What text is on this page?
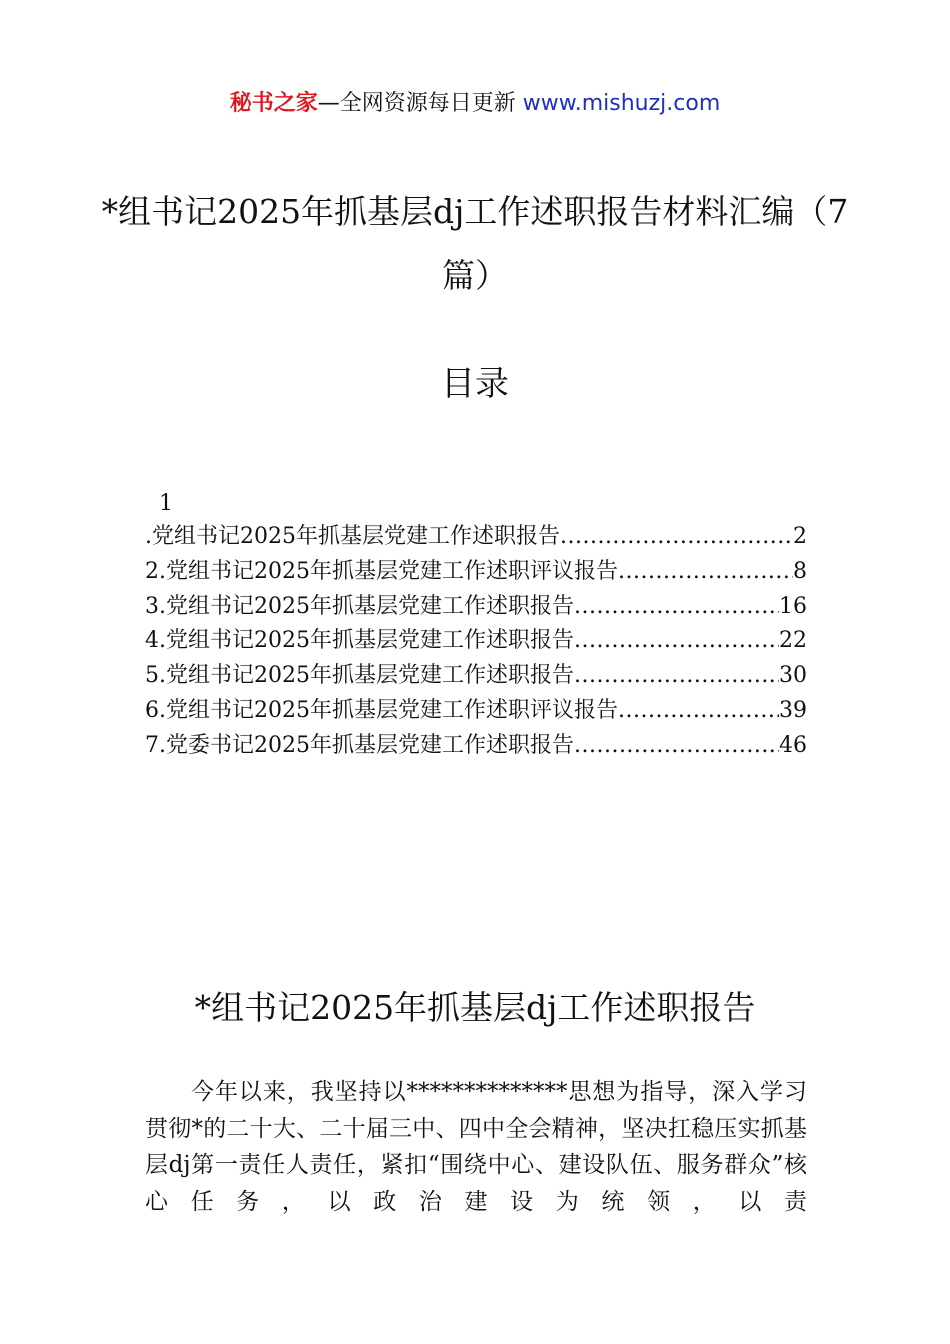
秘书之家—全网资源每日更新 www.mishuzj.com
*组书记2025年抓基层dj工作述职报告材料汇编（7篇）
目录
1
.党组书记2025年抓基层党建工作述职报告 .....	2
2.党组书记2025年抓基层党建工作述职评议报告 .....	8
3.党组书记2025年抓基层党建工作述职报告 .....	16
4.党组书记2025年抓基层党建工作述职报告 .....	22
5.党组书记2025年抓基层党建工作述职报告 .....	30
6.党组书记2025年抓基层党建工作述职评议报告 .....	39
7.党委书记2025年抓基层党建工作述职报告 .....	46
*组书记2025年抓基层dj工作述职报告
今年以来，我坚持以**************思想为指导，深入学习贯彻*的二十大、二十届三中、四中全会精神，坚决扛稳压实抓基层dj第一责任人责任，紧扣“围绕中心、建设队伍、服务群众”核心任务，以政治建设为统领，以责
